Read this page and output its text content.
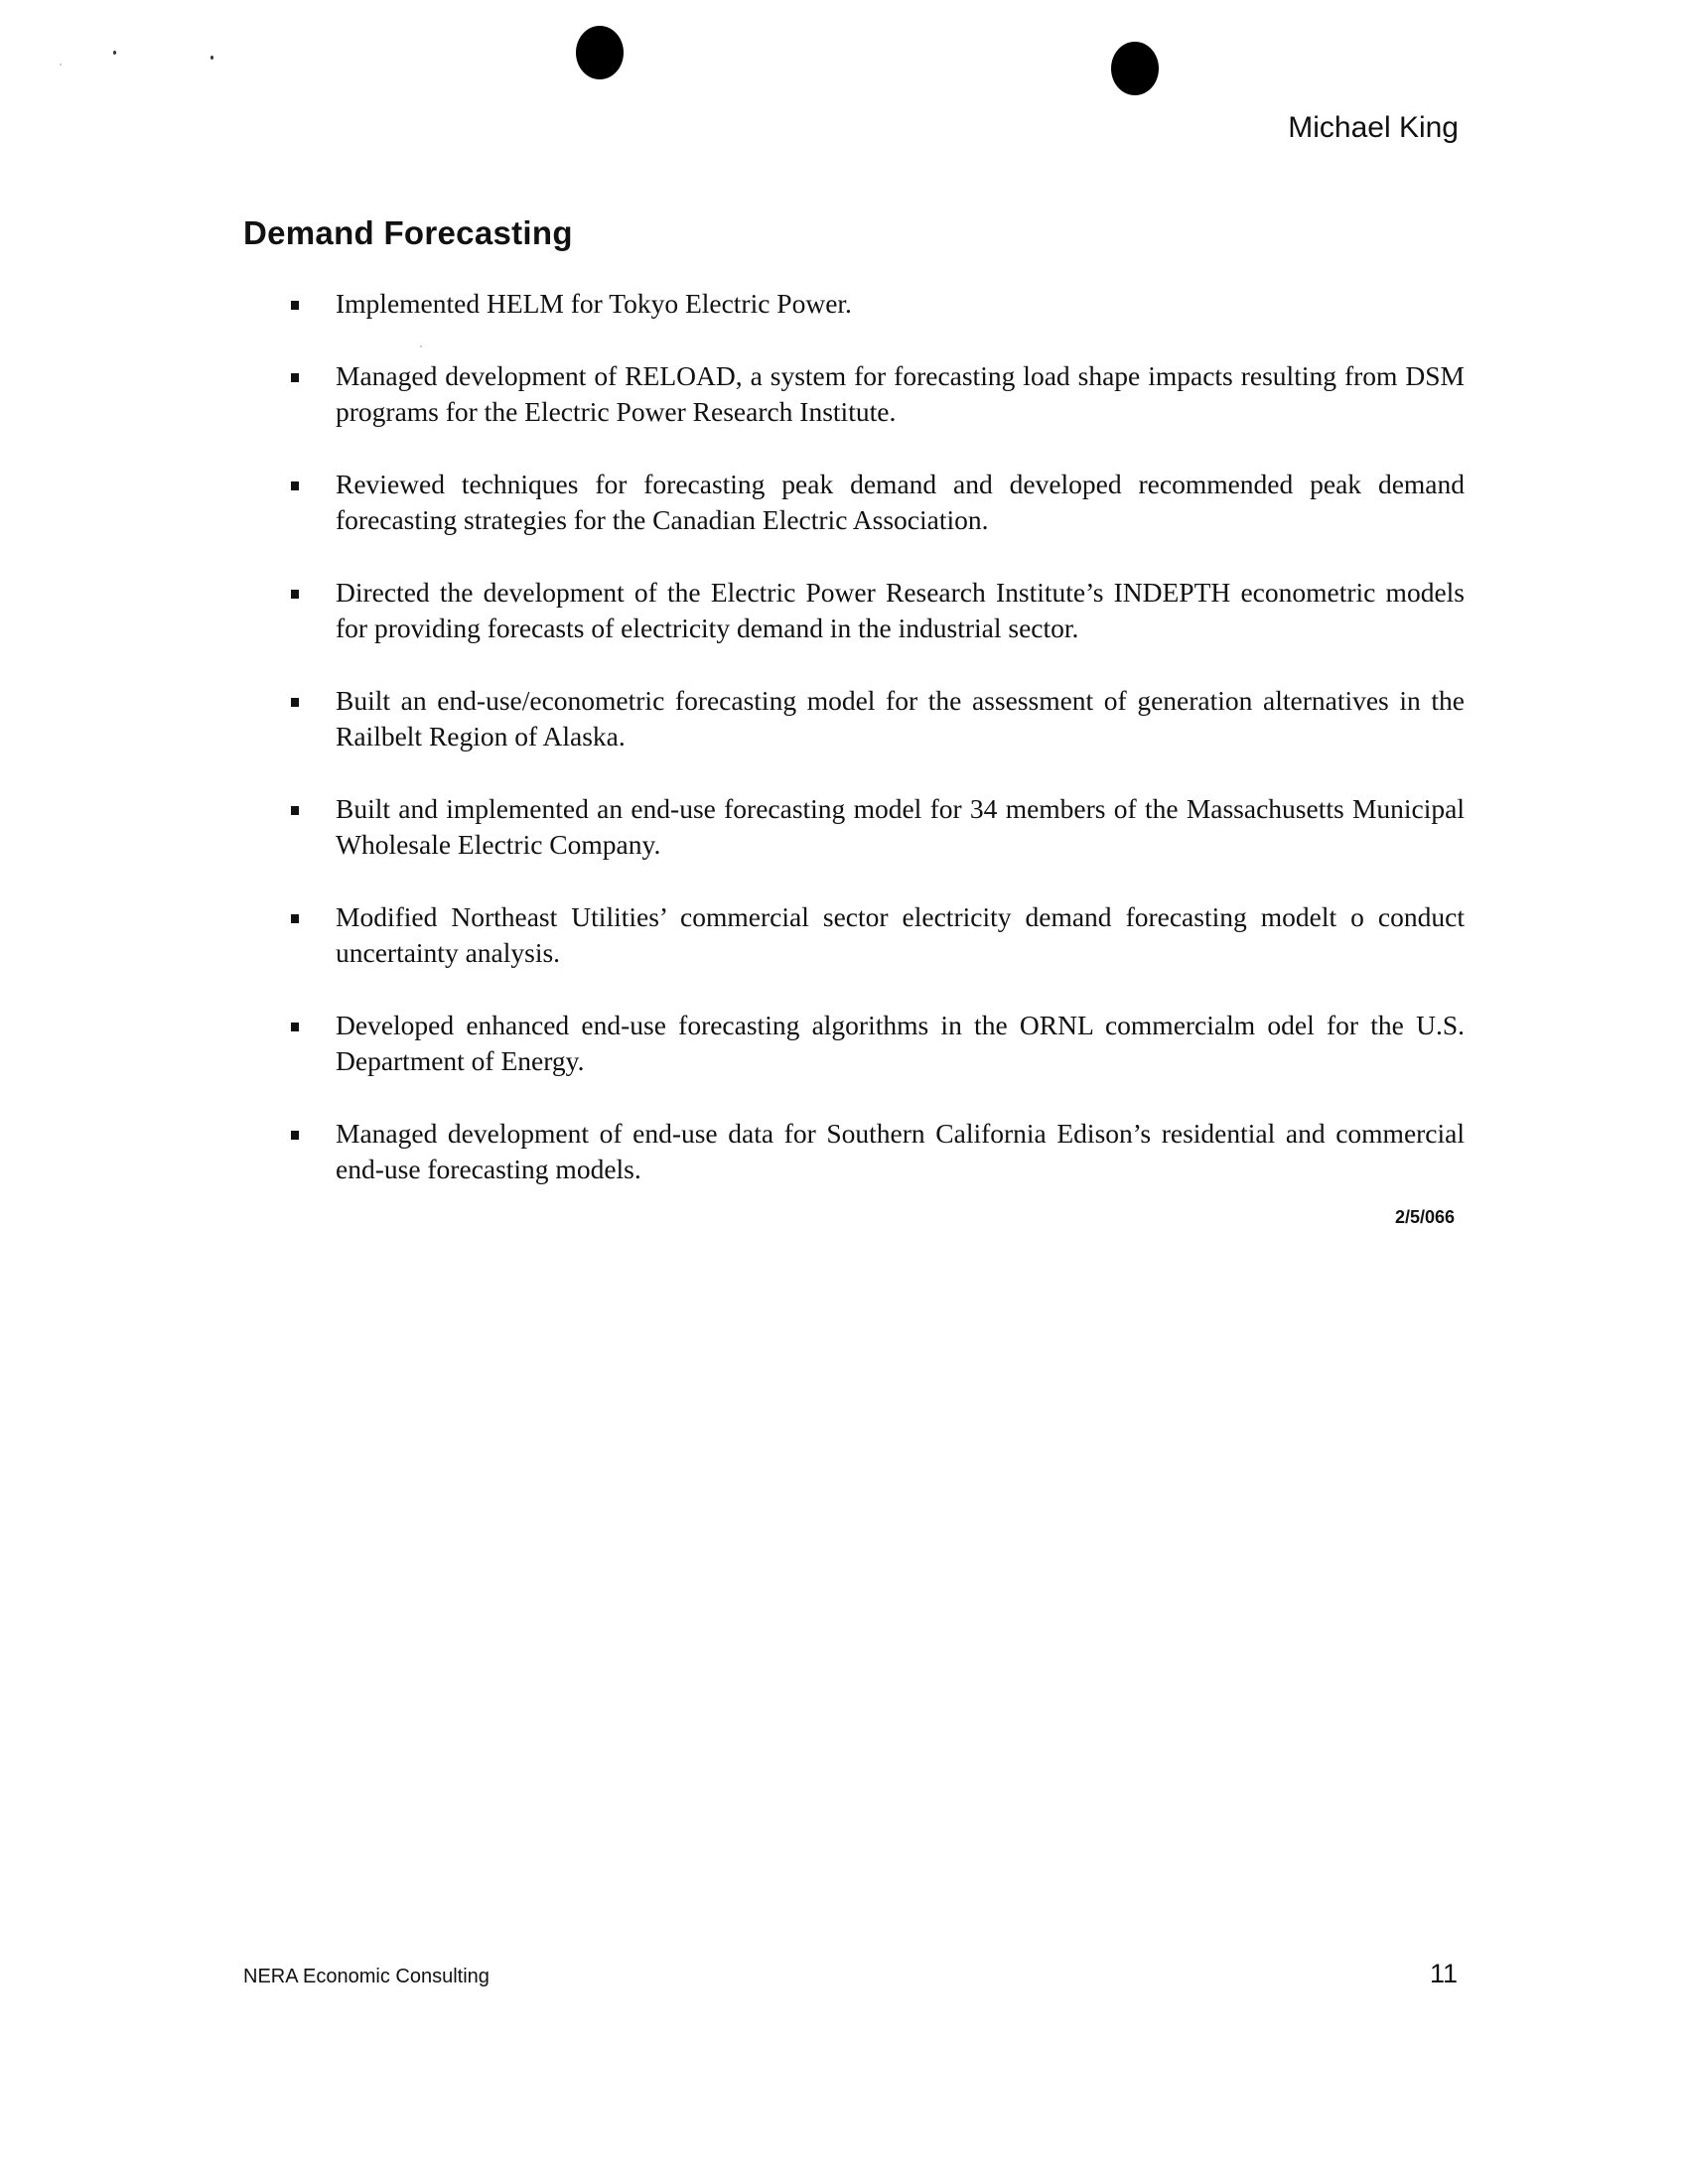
Michael King
Demand Forecasting
Implemented HELM for Tokyo Electric Power.
Managed development of RELOAD, a system for forecasting load shape impacts resulting from DSM programs for the Electric Power Research Institute.
Reviewed techniques for forecasting peak demand and developed recommended peak demand forecasting strategies for the Canadian Electric Association.
Directed the development of the Electric Power Research Institute’s INDEPTH econometric models for providing forecasts of electricity demand in the industrial sector.
Built an end-use/econometric forecasting model for the assessment of generation alternatives in the Railbelt Region of Alaska.
Built and implemented an end-use forecasting model for 34 members of the Massachusetts Municipal Wholesale Electric Company.
Modified Northeast Utilities’ commercial sector electricity demand forecasting modelt o conduct uncertainty analysis.
Developed enhanced end-use forecasting algorithms in the ORNL commercialm odel for the U.S. Department of Energy.
Managed development of end-use data for Southern California Edison’s residential and commercial end-use forecasting models.
2/5/066
NERA Economic Consulting	11
